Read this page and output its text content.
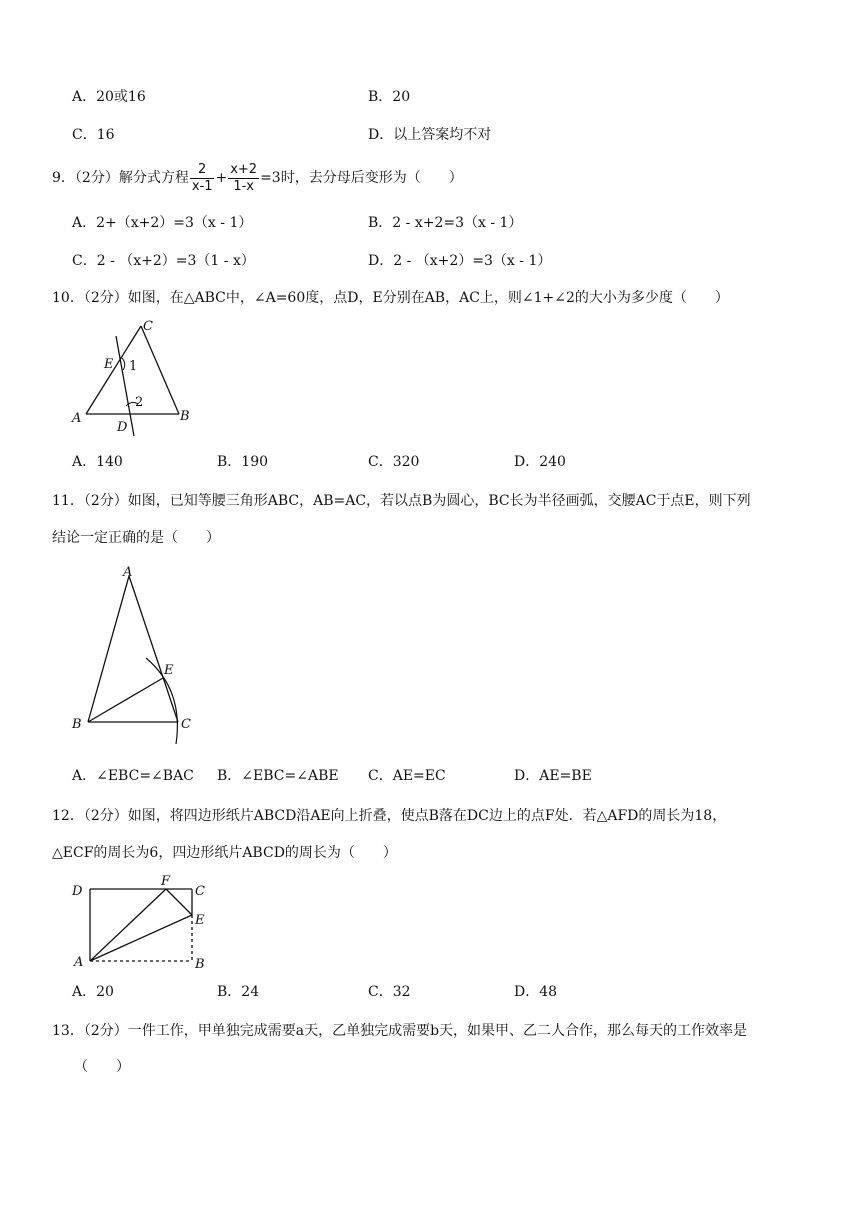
A．20或16	B．20
C．16	D．以上答案均不对
9．（2分）解分式方程 $\frac{2}{x-1} + \frac{x+2}{1-x} =3$时，去分母后变形为（　　）
A．2+（x+2）=3（x - 1）	B．2 - x+2=3（x - 1）
C．2 - （x+2）=3（1 - x）	D．2 - （x+2）=3（x - 1）
10．（2分）如图，在△ABC中，∠A=60度，点D，E分别在AB，AC上，则∠1+∠2的大小为多少度（　　）
A	B
C
D
E 1
2
A．140	B．190	C．320	D．240
11．（2分）如图，已知等腰三角形ABC，AB=AC，若以点B为圆心，BC长为半径画弧，交腰AC于点E，则下列
结论一定正确的是（　　）
A
B	C
E
A．∠EBC=∠BAC B．∠EBC=∠ABE C．AE=EC	D．AE=BE
12．（2分）如图，将四边形纸片ABCD沿AE向上折叠，使点B落在DC边上的点F处．若△AFD的周长为18，
△ECF的周长为6，四边形纸片ABCD的周长为（　　）
D
F
C
E
A	B
A．20	B．24	C．32	D．48
13．（2分）一件工作，甲单独完成需要a天，乙单独完成需要b天，如果甲、乙二人合作，那么每天的工作效率是
（　　）
